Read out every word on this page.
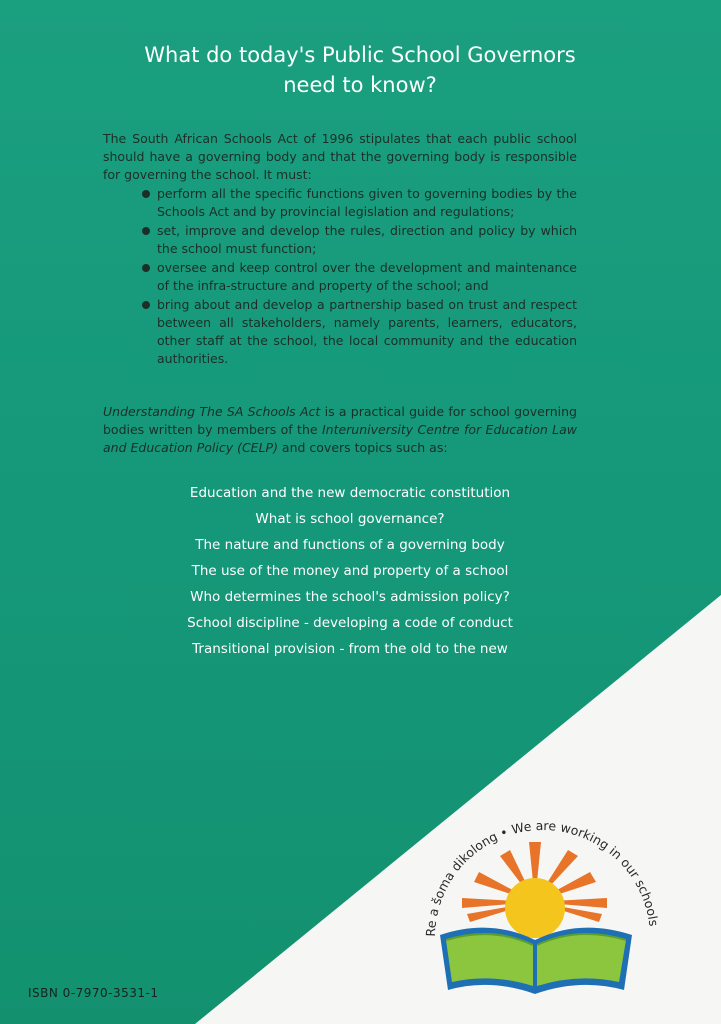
What do today's Public School Governors
need to know?

The South African Schools Act of 1996 stipulates that each public school should have a governing body and that the governing body is responsible for governing the school. It must:

perform all the specific functions given to governing bodies by the Schools Act and by provincial legislation and regulations;
set, improve and develop the rules, direction and policy by which the school must function;
oversee and keep control over the development and maintenance of the infra-structure and property of the school; and
bring about and develop a partnership based on trust and respect between all stakeholders, namely parents, learners, educators, other staff at the school, the local community and the education authorities.

Understanding The SA Schools Act is a practical guide for school governing bodies written by members of the Interuniversity Centre for Education Law and Education Policy (CELP) and covers topics such as:

Education and the new democratic constitution
What is school governance?
The nature and functions of a governing body
The use of the money and property of a school
Who determines the school's admission policy?
School discipline - developing a code of conduct
Transitional provision - from the old to the new
Re a šoma dikolong • We are working in our schools
ISBN 0-7970-3531-1
